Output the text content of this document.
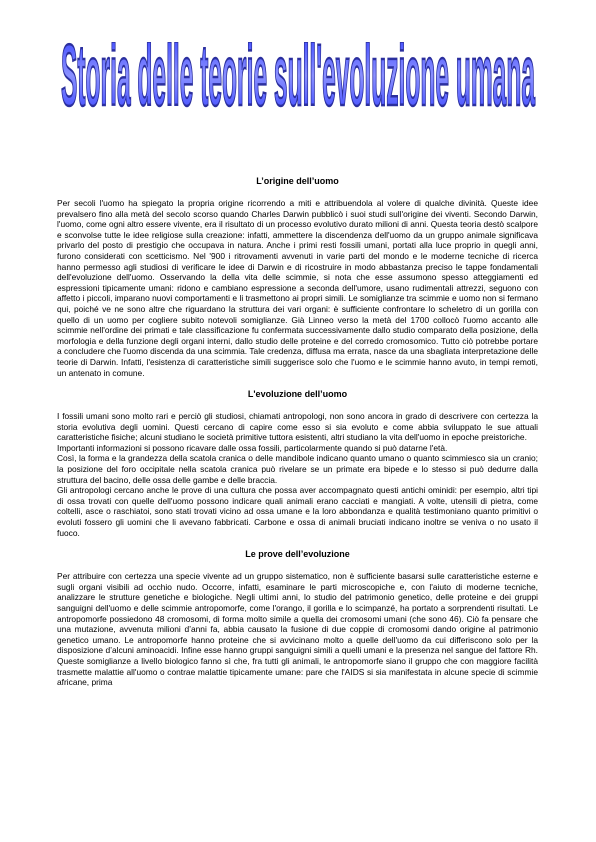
Storia delle teorie sull'evoluzione umana
L’origine dell’uomo

Per secoli l'uomo ha spiegato la propria origine ricorrendo a miti e attribuendola al volere di qualche divinità. Queste idee prevalsero fino alla metà del secolo scorso quando Charles Darwin pubblicò i suoi studi sull'origine dei viventi. Secondo Darwin, l'uomo, come ogni altro essere vivente, era il risultato di un processo evolutivo durato milioni di anni. Questa teoria destò scalpore e sconvolse tutte le idee religiose sulla creazione: infatti, ammettere la discendenza dell'uomo da un gruppo animale significava privarlo del posto di prestigio che occupava in natura. Anche i primi resti fossili umani, portati alla luce proprio in quegli anni, furono considerati con scetticismo. Nel '900 i ritrovamenti avvenuti in varie parti del mondo e le moderne tecniche di ricerca hanno permesso agli studiosi di verificare le idee di Darwin e di ricostruire in modo abbastanza preciso le tappe fondamentali dell'evoluzione dell'uomo. Osservando la della vita delle scimmie, si nota che esse assumono spesso atteggiamenti ed espressioni tipicamente umani: ridono e cambiano espressione a seconda dell'umore, usano rudimentali attrezzi, seguono con affetto i piccoli, imparano nuovi comportamenti e li trasmettono ai propri simili. Le somiglianze tra scimmie e uomo non si fermano qui, poiché ve ne sono altre che riguardano la struttura dei vari organi: è sufficiente confrontare lo scheletro di un gorilla con quello di un uomo per cogliere subito notevoli somiglianze. Già Linneo verso la metà del 1700 collocò l'uomo accanto alle scimmie nell'ordine dei primati e tale classificazione fu confermata successivamente dallo studio comparato della posizione, della morfologia e della funzione degli organi interni, dallo studio delle proteine e del corredo cromosomico. Tutto ciò potrebbe portare a concludere che l'uomo discenda da una scimmia. Tale credenza, diffusa ma errata, nasce da una sbagliata interpretazione delle teorie di Darwin. Infatti, l'esistenza di caratteristiche simili suggerisce solo che l'uomo e le scimmie hanno avuto, in tempi remoti, un antenato in comune.

L'evoluzione dell’uomo

I fossili umani sono molto rari e perciò gli studiosi, chiamati antropologi, non sono ancora in grado di descrivere con certezza la storia evolutiva degli uomini. Questi cercano di capire come esso si sia evoluto e come abbia sviluppato le sue attuali caratteristiche fisiche; alcuni studiano le società primitive tuttora esistenti, altri studiano la vita dell'uomo in epoche preistoriche.

Importanti informazioni si possono ricavare dalle ossa fossili, particolarmente quando si può datarne l'età.

Così, la forma e la grandezza della scatola cranica o delle mandibole indicano quanto umano o quanto scimmiesco sia un cranio; la posizione del foro occipitale nella scatola cranica può rivelare se un primate era bipede e lo stesso si può dedurre dalla struttura del bacino, delle ossa delle gambe e delle braccia.

Gli antropologi cercano anche le prove di una cultura che possa aver accompagnato questi antichi ominidi: per esempio, altri tipi di ossa trovati con quelle dell'uomo possono indicare quali animali erano cacciati e mangiati. A volte, utensili di pietra, come coltelli, asce o raschiatoi, sono stati trovati vicino ad ossa umane e la loro abbondanza e qualità testimoniano quanto primitivi o evoluti fossero gli uomini che li avevano fabbricati. Carbone e ossa di animali bruciati indicano inoltre se veniva o no usato il fuoco.

Le prove dell’evoluzione

Per attribuire con certezza una specie vivente ad un gruppo sistematico, non è sufficiente basarsi sulle caratteristiche esterne e sugli organi visibili ad occhio nudo. Occorre, infatti, esaminare le parti microscopiche e, con l'aiuto di moderne tecniche, analizzare le strutture genetiche e biologiche. Negli ultimi anni, lo studio del patrimonio genetico, delle proteine e dei gruppi sanguigni dell'uomo e delle scimmie antropomorfe, come l'orango, il gorilla e lo scimpanzé, ha portato a sorprendenti risultati. Le antropomorfe possiedono 48 cromosomi, di forma molto simile a quella dei cromosomi umani (che sono 46). Ciò fa pensare che una mutazione, avvenuta milioni d’anni fa, abbia causato la fusione di due coppie di cromosomi dando origine al patrimonio genetico umano. Le antropomorfe hanno proteine che si avvicinano molto a quelle dell'uomo da cui differiscono solo per la disposizione d’alcuni aminoacidi. Infine esse hanno gruppi sanguigni simili a quelli umani e la presenza nel sangue del fattore Rh. Queste somiglianze a livello biologico fanno sì che, fra tutti gli animali, le antropomorfe siano il gruppo che con maggiore facilità trasmette malattie all'uomo o contrae malattie tipicamente umane: pare che l'AIDS si sia manifestata in alcune specie di scimmie africane, prima
